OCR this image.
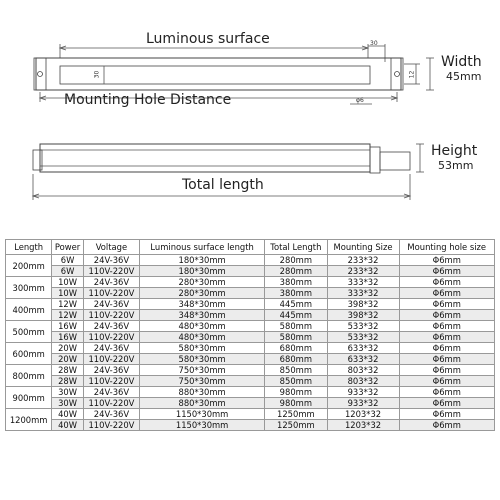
Luminous surface
Mounting Hole Distance
Total length
Width
45mm
Height
53mm
30
30	12
φ6
Length	Power	Voltage	Luminous surface length	Total Length	Mounting Size	Mounting hole size
200mm	6W	24V-36V	180*30mm	280mm	233*32	Φ6mm
	6W	110V-220V	180*30mm	280mm	233*32	Φ6mm
300mm	10W	24V-36V	280*30mm	380mm	333*32	Φ6mm
	10W	110V-220V	280*30mm	380mm	333*32	Φ6mm
400mm	12W	24V-36V	348*30mm	445mm	398*32	Φ6mm
	12W	110V-220V	348*30mm	445mm	398*32	Φ6mm
500mm	16W	24V-36V	480*30mm	580mm	533*32	Φ6mm
	16W	110V-220V	480*30mm	580mm	533*32	Φ6mm
600mm	20W	24V-36V	580*30mm	680mm	633*32	Φ6mm
	20W	110V-220V	580*30mm	680mm	633*32	Φ6mm
800mm	28W	24V-36V	750*30mm	850mm	803*32	Φ6mm
	28W	110V-220V	750*30mm	850mm	803*32	Φ6mm
900mm	30W	24V-36V	880*30mm	980mm	933*32	Φ6mm
	30W	110V-220V	880*30mm	980mm	933*32	Φ6mm
1200mm	40W	24V-36V	1150*30mm	1250mm	1203*32	Φ6mm
	40W	110V-220V	1150*30mm	1250mm	1203*32	Φ6mm
